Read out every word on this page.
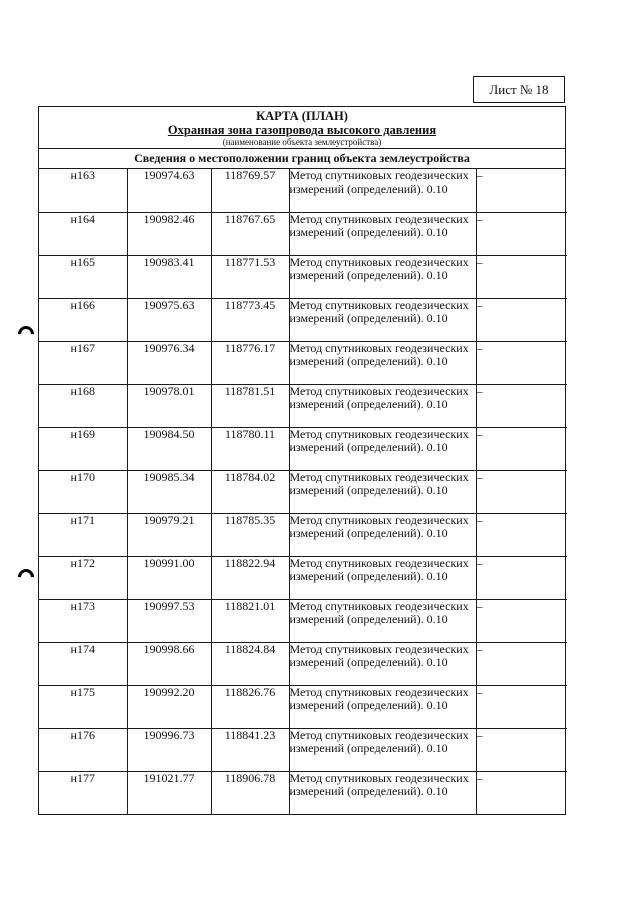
Лист № 18
КАРТА (ПЛАН)
Охранная зона газопровода высокого давления
(наименование объекта землеустройства)
Сведения о местоположении границ объекта землеустройства
н163	190974.63	118769.57	Метод спутниковых геодезических измерений (определений). 0.10	–
н164	190982.46	118767.65	Метод спутниковых геодезических измерений (определений). 0.10	–
н165	190983.41	118771.53	Метод спутниковых геодезических измерений (определений). 0.10	–
н166	190975.63	118773.45	Метод спутниковых геодезических измерений (определений). 0.10	–
н167	190976.34	118776.17	Метод спутниковых геодезических измерений (определений). 0.10	–
н168	190978.01	118781.51	Метод спутниковых геодезических измерений (определений). 0.10	–
н169	190984.50	118780.11	Метод спутниковых геодезических измерений (определений). 0.10	–
н170	190985.34	118784.02	Метод спутниковых геодезических измерений (определений). 0.10	–
н171	190979.21	118785.35	Метод спутниковых геодезических измерений (определений). 0.10	–
н172	190991.00	118822.94	Метод спутниковых геодезических измерений (определений). 0.10	–
н173	190997.53	118821.01	Метод спутниковых геодезических измерений (определений). 0.10	–
н174	190998.66	118824.84	Метод спутниковых геодезических измерений (определений). 0.10	–
н175	190992.20	118826.76	Метод спутниковых геодезических измерений (определений). 0.10	–
н176	190996.73	118841.23	Метод спутниковых геодезических измерений (определений). 0.10	–
н177	191021.77	118906.78	Метод спутниковых геодезических измерений (определений). 0.10	–
